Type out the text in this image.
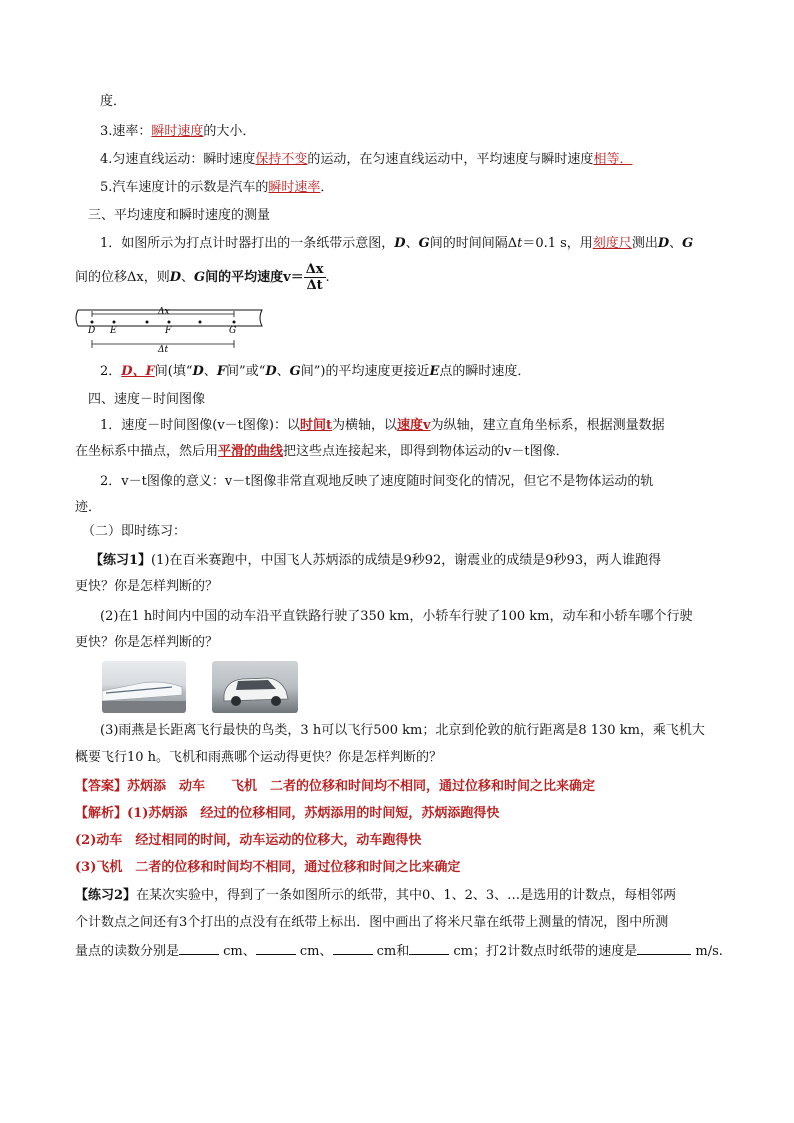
度．
3.速率：瞬时速度的大小．
4.匀速直线运动：瞬时速度保持不变的运动，在匀速直线运动中，平均速度与瞬时速度相等．
5.汽车速度计的示数是汽车的瞬时速率．
三、平均速度和瞬时速度的测量
1．如图所示为打点计时器打出的一条纸带示意图，D、G间的时间间隔Δt＝0.1 s，用刻度尺测出D、G
间的位移Δx，则D、G间的平均速度$v= \frac{\Delta x}{\Delta t}$ .
Δx
D E	F	G
Δt
2．D、F间(填“D、F间”或“D、G间”)的平均速度更接近E点的瞬时速度．
四、速度－时间图像
1．速度－时间图像(v－t图像)：以时间t为横轴，以速度v为纵轴，建立直角坐标系，根据测量数据
在坐标系中描点，然后用平滑的曲线把这些点连接起来，即得到物体运动的v－t图像．
2．v－t图像的意义：v－t图像非常直观地反映了速度随时间变化的情况，但它不是物体运动的轨
迹．
（二）即时练习：
【练习1】(1)在百米赛跑中，中国飞人苏炳添的成绩是9秒92，谢震业的成绩是9秒93，两人谁跑得
更快？你是怎样判断的？
(2)在1 h时间内中国的动车沿平直铁路行驶了350 km，小轿车行驶了100 km，动车和小轿车哪个行驶
更快？你是怎样判断的？
(3)雨燕是长距离飞行最快的鸟类，3 h可以飞行500 km；北京到伦敦的航行距离是8 130 km，乘飞机大
概要飞行10 h。飞机和雨燕哪个运动得更快？你是怎样判断的？
【答案】苏炳添　动车　　飞机　二者的位移和时间均不相同，通过位移和时间之比来确定
【解析】(1)苏炳添　经过的位移相同，苏炳添用的时间短，苏炳添跑得快
(2)动车　经过相同的时间，动车运动的位移大，动车跑得快
(3)飞机　二者的位移和时间均不相同，通过位移和时间之比来确定
【练习2】在某次实验中，得到了一条如图所示的纸带，其中0、1、2、3、…是选用的计数点，每相邻两
个计数点之间还有3个打出的点没有在纸带上标出．图中画出了将米尺靠在纸带上测量的情况，图中所测
量点的读数分别是	cm、	cm、	cm和	cm；打2计数点时纸带的速度是	m/s.
